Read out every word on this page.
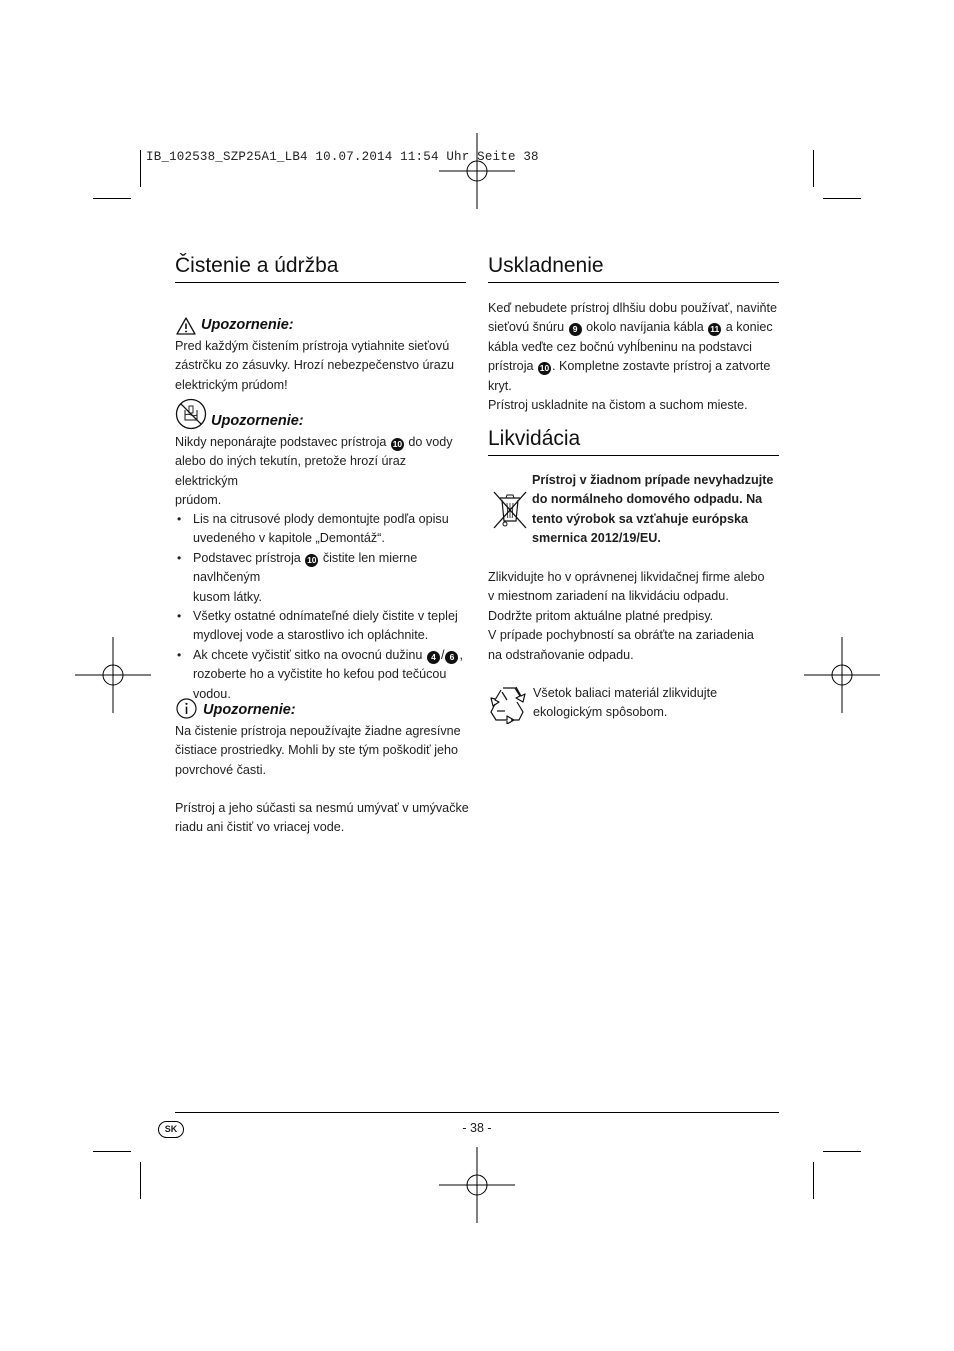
IB_102538_SZP25A1_LB4 10.07.2014 11:54 Uhr Seite 38
Čistenie a údržba
Upozornenie:
Pred každým čistením prístroja vytiahnite sieťovú
zástrčku zo zásuvky. Hrozí nebezpečenstvo úrazu
elektrickým prúdom!
Upozornenie:
Nikdy neponárajte podstavec prístroja 10 do vody
alebo do iných tekutín, pretože hrozí úraz elektrickým
prúdom.
• Lis na citrusové plody demontujte podľa opisu
uvedeného v kapitole „Demontáž“.
• Podstavec prístroja 10 čistite len mierne navlhčeným
kusom látky.
• Všetky ostatné odnímateľné diely čistite v teplej
mydlovej vode a starostlivo ich opláchnite.
• Ak chcete vyčistiť sitko na ovocnú dužinu 4 / 6 ,
rozoberte ho a vyčistite ho kefou pod tečúcou
vodou.
Upozornenie:
Na čistenie prístroja nepoužívajte žiadne agresívne
čistiace prostriedky. Mohli by ste tým poškodiť jeho
povrchové časti.
Prístroj a jeho súčasti sa nesmú umývať v umývačke
riadu ani čistiť vo vriacej vode.
Uskladnenie
Keď nebudete prístroj dlhšiu dobu používať, naviňte
sieťovú šnúru 9 okolo navíjania kábla 11 a koniec
kábla veďte cez bočnú vyhĺbeninu na podstavci
prístroja 10 . Kompletne zostavte prístroj a zatvorte kryt.
Prístroj uskladnite na čistom a suchom mieste.
Likvidácia
Prístroj v žiadnom prípade nevyhadzujte
do normálneho domového odpadu. Na
tento výrobok sa vzťahuje európska
smernica 2012/19/EU.
Zlikvidujte ho v oprávnenej likvidačnej firme alebo
v miestnom zariadení na likvidáciu odpadu.
Dodržte pritom aktuálne platné predpisy.
V prípade pochybností sa obráťte na zariadenia
na odstraňovanie odpadu.
Všetok baliaci materiál zlikvidujte
ekologickým spôsobom.
SK	- 38 -
